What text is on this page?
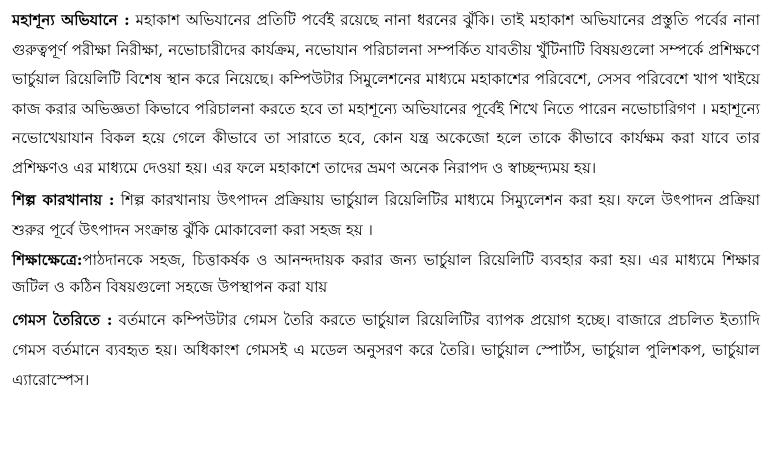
মহাশূন্য অভিযানে : মহাকাশ অভিযানের প্রতিটি পর্বেই রয়েছে নানা ধরনের ঝুঁকি। তাই মহাকাশ অভিযানের প্রস্তুতি পর্বের নানা গুরুত্বপূর্ণ পরীক্ষা নিরীক্ষা, নভোচারীদের কার্যক্রম, নভোযান পরিচালনা সম্পর্কিত যাবতীয় খুঁটিনাটি বিষয়গুলো সম্পর্কে প্রশিক্ষণে ভার্চুয়াল রিয়েলিটি বিশেষ স্থান করে নিয়েছে। কম্পিউটার সিমুলেশনের মাধ্যমে মহাকাশের পরিবেশে, সেসব পরিবেশে খাপ খাইয়ে কাজ করার অভিজ্ঞতা কিভাবে পরিচালনা করতে হবে তা মহাশূন্যে অভিযানের পূর্বেই শিখে নিতে পারেন নভোচারিগণ । মহাশূন্যে নভোখেয়াযান বিকল হয়ে গেলে কীভাবে তা সারাতে হবে, কোন যন্ত্র অকেজো হলে তাকে কীভাবে কার্যক্ষম করা যাবে তার প্রশিক্ষণও এর মাধ্যমে দেওয়া হয়। এর ফলে মহাকাশে তাদের ভ্রমণ অনেক নিরাপদ ও স্বাচ্ছন্দ্যময় হয়।

শিল্প কারখানায় : শিল্প কারখানায় উৎপাদন প্রক্রিয়ায় ভার্চুয়াল রিয়েলিটির মাধ্যমে সিম্যুলেশন করা হয়। ফলে উৎপাদন প্রক্রিয়া শুরুর পূর্বে উৎপাদন সংক্রান্ত ঝুঁকি মোকাবেলা করা সহজ হয় ।

শিক্ষাক্ষেত্রে:পাঠদানকে সহজ, চিত্তাকর্ষক ও আনন্দদায়ক করার জন্য ভার্চুয়াল রিয়েলিটি ব্যবহার করা হয়। এর মাধ্যমে শিক্ষার জটিল ও কঠিন বিষয়গুলো সহজে উপস্থাপন করা যায়

গেমস তৈরিতে : বর্তমানে কম্পিউটার গেমস তৈরি করতে ভার্চুয়াল রিয়েলিটির ব্যাপক প্রয়োগ হচ্ছে। বাজারে প্রচলিত ইত্যাদি গেমস বর্তমানে ব্যবহৃত হয়। অধিকাংশ গেমসই এ মডেল অনুসরণ করে তৈরি। ভার্চুয়াল স্পোর্টস, ভার্চুয়াল পুলিশকপ, ভার্চুয়াল এ্যারোস্পেস।
